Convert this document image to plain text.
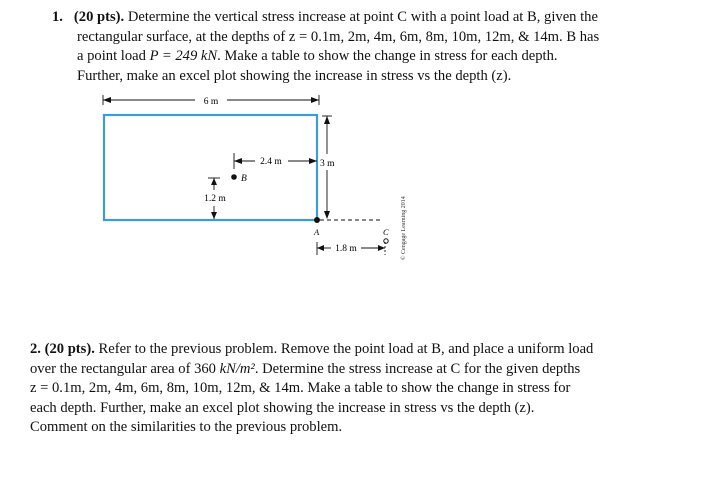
1. (20 pts). Determine the vertical stress increase at point C with a point load at B, given the
rectangular surface, at the depths of z = 0.1m, 2m, 4m, 6m, 8m, 10m, 12m, & 14m. B has
a point load P = 249 kN. Make a table to show the change in stress for each depth.
Further, make an excel plot showing the increase in stress vs the depth (z).
6 m
2.4 m	3 m
B
1.2 m
A	C
1.8 m	© Cengage Learning 2014
2. (20 pts). Refer to the previous problem. Remove the point load at B, and place a uniform load
over the rectangular area of 360 kN/m². Determine the stress increase at C for the given depths
z = 0.1m, 2m, 4m, 6m, 8m, 10m, 12m, & 14m. Make a table to show the change in stress for
each depth. Further, make an excel plot showing the increase in stress vs the depth (z).
Comment on the similarities to the previous problem.
